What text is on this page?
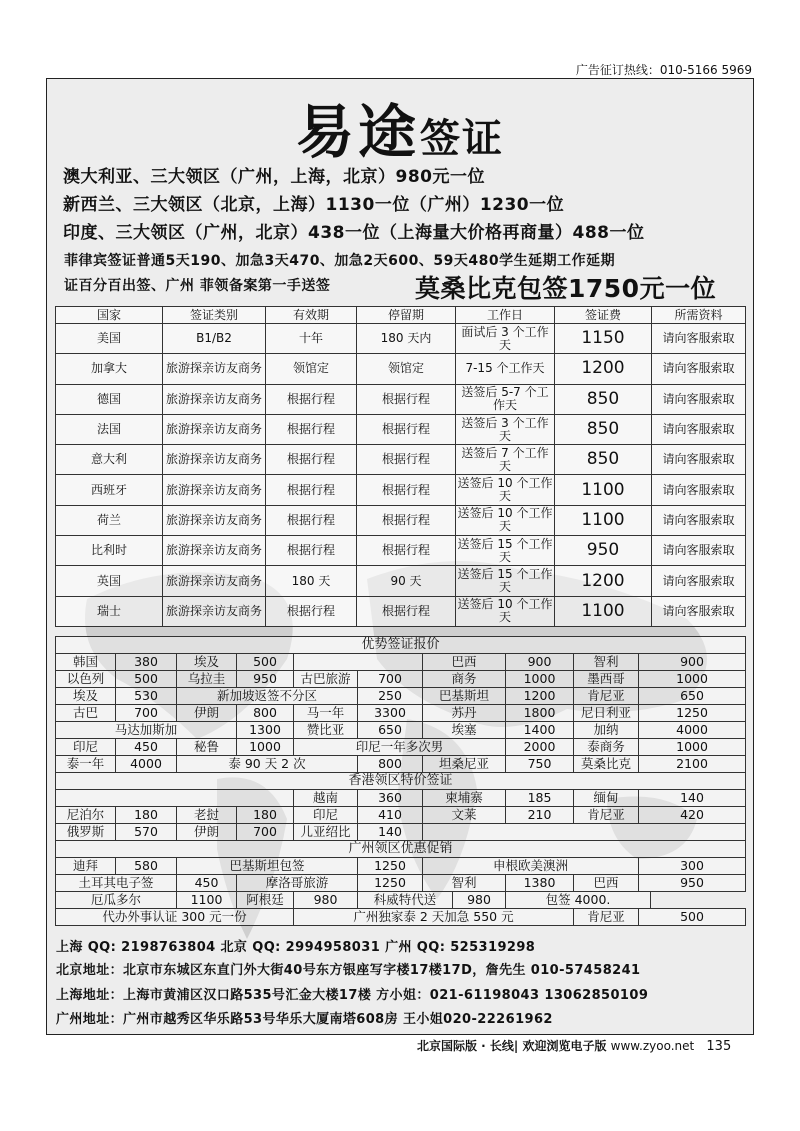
广告征订热线：010-5166 5969
易途签证
澳大利亚、三大领区（广州，上海，北京）980元一位
新西兰、三大领区（北京，上海）1130一位（广州）1230一位
印度、三大领区（广州，北京）438一位（上海量大价格再商量）488一位
菲律宾签证普通5天190、加急3天470、加急2天600、59天480学生延期工作延期
证百分百出签、广州 菲领备案第一手送签	莫桑比克包签1750元一位
国家	签证类别	有效期	停留期	工作日	签证费	所需资料
美国	B1/B2	十年	180 天内	面试后 3 个工作天	1150	请向客服索取
加拿大	旅游探亲访友商务	领馆定	领馆定	7-15 个工作天	1200	请向客服索取
德国	旅游探亲访友商务	根据行程	根据行程	送签后 5-7 个工作天	850	请向客服索取
法国	旅游探亲访友商务	根据行程	根据行程	送签后 3 个工作天	850	请向客服索取
意大利	旅游探亲访友商务	根据行程	根据行程	送签后 7 个工作天	850	请向客服索取
西班牙	旅游探亲访友商务	根据行程	根据行程	送签后 10 个工作天	1100	请向客服索取
荷兰	旅游探亲访友商务	根据行程	根据行程	送签后 10 个工作天	1100	请向客服索取
比利时	旅游探亲访友商务	根据行程	根据行程	送签后 15 个工作天	950	请向客服索取
英国	旅游探亲访友商务	180 天	90 天	送签后 15 个工作天	1200	请向客服索取
瑞士	旅游探亲访友商务	根据行程	根据行程	送签后 10 个工作天	1100	请向客服索取
优势签证报价										
韩国	380	埃及	500			巴西		900	智利	900
以色列	500	乌拉圭	950	古巴旅游	700	商务		1000	墨西哥	1000
埃及	530	新加坡返签不分区			250	巴基斯坦		1200	肯尼亚	650
古巴	700	伊朗	800	马一年	3300	苏丹		1800	尼日利亚	1250
马达加斯加			1300	赞比亚	650	埃塞		1400	加纳	4000
印尼	450	秘鲁	1000	印尼一年多次男				2000	泰商务	1000
泰一年	4000	泰 90 天 2 次			800	坦桑尼亚		750	莫桑比克	2100
香港领区特价签证										
				越南	360	柬埔寨		185	缅甸	140
尼泊尔	180	老挝	180	印尼	410	文莱		210	肯尼亚	420
俄罗斯	570	伊朗	700	儿亚绍比	140					
广州领区优惠促销										
迪拜	580	巴基斯坦包签			1250	申根欧美澳洲				300
土耳其电子签		450	摩洛哥旅游		1250	智利		1380	巴西	950
厄瓜多尔		1100	阿根廷	980	科威特代送		980	包签 4000.		
代办外事认证 300 元一份				广州独家泰 2 天加急 550 元					肯尼亚	500
上海 QQ: 2198763804 北京 QQ: 2994958031 广州 QQ: 525319298
北京地址：北京市东城区东直门外大街40号东方银座写字楼17楼17D，詹先生 010-57458241
上海地址：上海市黄浦区汉口路535号汇金大楼17楼 方小姐：021-61198043 13062850109
广州地址：广州市越秀区华乐路53号华乐大厦南塔608房 王小姐020-22261962
北京国际版 · 长线| 欢迎浏览电子版 www.zyoo.net 135
